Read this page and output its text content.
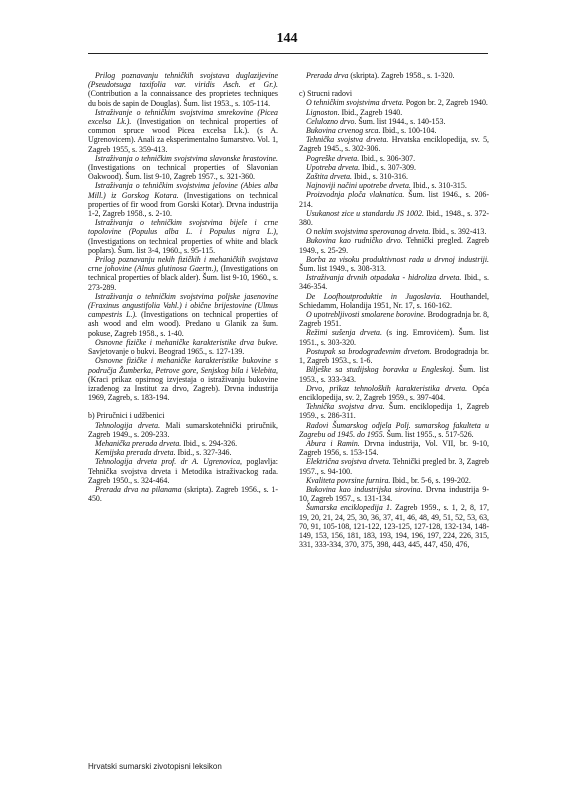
144

Prilog poznavanju tehničkih svojstava duglazijevine (Pseudotsuga taxifolia var. viridis Asch. et Gr.). (Contribution a la connaissance des proprietes techniques du bois de sapin de Douglas). Šum. list 1953., s. 105-114.

Istraživanje o tehničkim svojstvima smrekovine (Picea excelsa Lk.). (Investigation on technical properties of common spruce wood Picea excelsa Lk.). (s A. Ugrenovicem). Anali za eksperimentalno šumarstvo. Vol. 1, Zagreb 1955, s. 359-413.

Istraživanja o tehničkim svojstvima slavonske hrastovine. (Investigations on technical properties of Slavonian Oakwood). Šum. list 9-10, Zagreb 1957., s. 321-360.

Istraživanja o tehničkim svojstvima jelovine (Abies alba Mill.) iz Gorskog Kotara. (Investigations on technical properties of fir wood from Gorski Kotar). Drvna industrija 1-2, Zagreb 1958., s. 2-10.

Istraživanja o tehničkim svojstvima bijele i crne topolovine (Populus alba L. i Populus nigra L.), (Investigations on technical properties of white and black poplars). Šum. list 3-4, 1960., s. 95-115.

Prilog poznavanju nekih fizičkih i mehaničkih svojstava crne johovine (Alnus glutinosa Gaertn.), (Investigations on technical properties of black alder). Šum. list 9-10, 1960., s. 273-289.

Istraživanja o tehničkim svojstvima poljske jasenovine (Fraxinus angustifolia Vahl.) i obične brijestovine (Ulmus campestris L.). (Investigations on technical properties of ash wood and elm wood). Predano u Glanik za šum. pokuse, Zagreb 1958., s. 1-40.

Osnovne fizičke i mehaničke karakteristike drva bukve. Savjetovanje o bukvi. Beograd 1965., s. 127-139.

Osnovne fizičke i mehaničke karakteristike bukovine s područja Žumberka, Petrove gore, Senjskog bila i Velebita, (Kraci prikaz opsirnog izvjestaja o istraživanju bukovine izrađenog za Institut za drvo, Zagreb). Drvna industrija 1969, Zagreb, s. 183-194.

b) Priručnici i udžbenici

Tehnologija drveta. Mali sumarskotehnički priručnik, Zagreb 1949., s. 209-233.

Mehanička prerada drveta. Ibid., s. 294-326.

Kemijska prerada drveta. Ibid., s. 327-346.

Tehnologija drveta prof. dr A. Ugrenovica, poglavlja: Tehnička svojstva drveta i Metodika istraživackog rada. Zagreb 1950., s. 324-464.

Prerada drva na pilanama (skripta). Zagreb 1956., s. 1-450.

Prerada drva (skripta). Zagreb 1958., s. 1-320.

c) Strucni radovi

O tehničkim svojstvima drveta. Pogon br. 2, Zagreb 1940.

Lignoston. Ibid., Zagreb 1940.

Celulozno drvo. Šum. list 1944., s. 140-153.

Bukovina crvenog srca. Ibid., s. 100-104.

Tehnička svojstva drveta. Hrvatska enciklopedija, sv. 5, Zagreb 1945., s. 302-306.

Pogreške drveta. Ibid., s. 306-307.

Upotreba drveta. Ibid., s. 307-309.

Zaštita drveta. Ibid., s. 310-316.

Najnoviji načini upotrebe drveta. Ibid., s. 310-315.

Proizvodnja ploča vlaknatica. Šum. list 1946., s. 206-214.

Usukanost zice u standardu JS 1002. Ibid., 1948., s. 372-380.

O nekim svojstvima sperovanog drveta. Ibid., s. 392-413.

Bukovina kao rudničko drvo. Tehnički pregled. Zagreb 1949., s. 25-29.

Borba za visoku produktivnost rada u drvnoj industriji. Šum. list 1949., s. 308-313.

Istraživanja drvnih otpadaka - hidroliza drveta. Ibid., s. 346-354.

De Loofhoutproduktie in Jugoslavia. Houthandel, Schiedamm, Holandija 1951, Nr. 17, s. 160-162.

O upotrebljivosti smolarene borovine. Brodogradnja br. 8, Zagreb 1951.

Režimi sušenja drveta. (s ing. Emroviċem). Šum. list 1951., s. 303-320.

Postupak sa brodograđevnim drvetom. Brodogradnja br. 1, Zagreb 1953., s. 1-6.

Bilješke sa studijskog boravka u Engleskoj. Šum. list 1953., s. 333-343.

Drvo, prikaz tehnoloških karakteristika drveta. Opća enciklopedija, sv. 2, Zagreb 1959., s. 397-404.

Tehnička svojstva drva. Šum. enciklopedija 1, Zagreb 1959., s. 286-311.

Radovi Šumarskog odjela Polj. sumarskog fakulteta u Zagrebu od 1945. do 1955. Šum. list 1955., s. 517-526.

Abura i Ramin. Drvna industrija, Vol. VII, br. 9-10, Zagreb 1956, s. 153-154.

Električna svojstva drveta. Tehnički pregled br. 3, Zagreb 1957., s. 94-100.

Kvaliteta povrsine furnira. Ibid., br. 5-6, s. 199-202.

Bukovina kao industrijska sirovina. Drvna industrija 9-10, Zagreb 1957., s. 131-134.

Šumarska enciklopedija 1. Zagreb 1959., s. 1, 2, 8, 17, 19, 20, 21, 24, 25, 30, 36, 37, 41, 46, 48, 49, 51, 52, 53, 63, 70, 91, 105-108, 121-122, 123-125, 127-128, 132-134, 148-149, 153, 156, 181, 183, 193, 194, 196, 197, 224, 226, 315, 331, 333-334, 370, 375, 398, 443, 445, 447, 450, 476,

Hrvatski sumarski zivotopisni leksikon
